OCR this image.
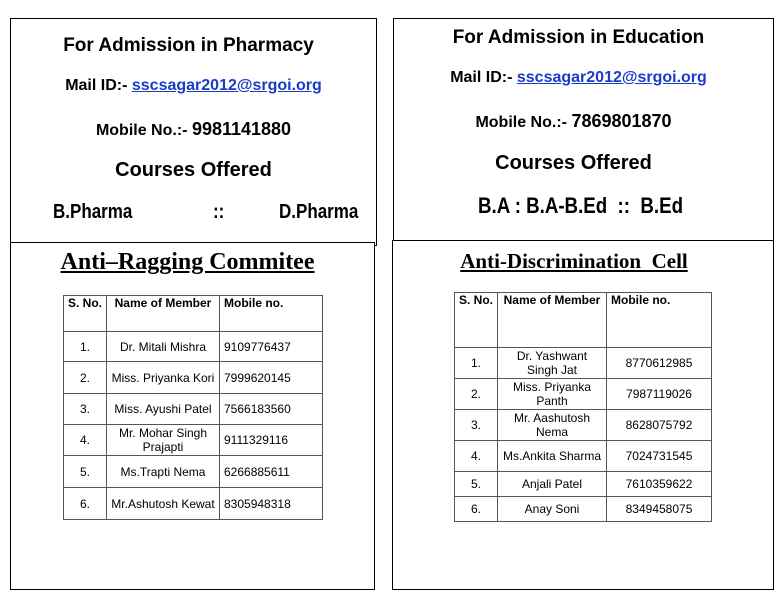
For Admission in Pharmacy
Mail ID:- sscsagar2012@srgoi.org
Mobile No.:- 9981141880
Courses Offered
B.Pharma	::	D.Pharma
For Admission in Education
Mail ID:- sscsagar2012@srgoi.org
Mobile No.:- 7869801870
Courses Offered
B.A : B.A-B.Ed  ::  B.Ed
Anti–Ragging Commitee
S. No.	Name of Member	Mobile no.
1.	Dr. Mitali Mishra	9109776437
2.	Miss. Priyanka Kori	7999620145
3.	Miss. Ayushi Patel	7566183560
4.	Mr. Mohar Singh Prajapti	9111329116
5.	Ms.Trapti Nema	6266885611
6.	Mr.Ashutosh Kewat	8305948318
Anti-Discrimination  Cell
S. No.	Name of Member	Mobile no.
1.	Dr. Yashwant Singh Jat	8770612985
2.	Miss. Priyanka Panth	7987119026
3.	Mr. Aashutosh Nema	8628075792
4.	Ms.Ankita Sharma	7024731545
5.	Anjali Patel	7610359622
6.	Anay Soni	8349458075
